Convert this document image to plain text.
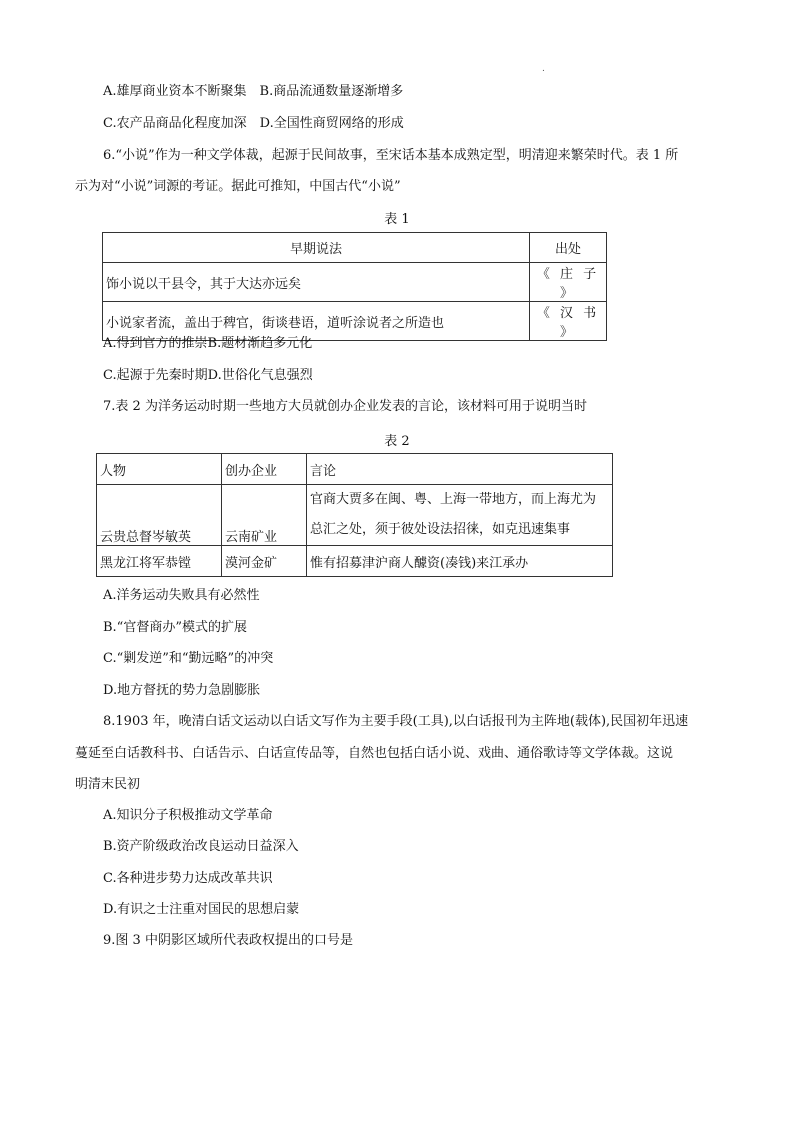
.
A.雄厚商业资本不断聚集　B.商品流通数量逐渐增多
C.农产品商品化程度加深　D.全国性商贸网络的形成
6.“小说”作为一种文学体裁，起源于民间故事，至宋话本基本成熟定型，明清迎来繁荣时代。表 1 所
示为对“小说”词源的考证。据此可推知，中国古代“小说”
表 1
早期说法	出处
饰小说以干县令，其于大达亦远矣	《 庄 子 》
小说家者流，盖出于稗官，街谈巷语，道听涂说者之所造也	《 汉 书 》
A.得到官方的推崇B.题材渐趋多元化
C.起源于先秦时期D.世俗化气息强烈
7.表 2 为洋务运动时期一些地方大员就创办企业发表的言论，该材料可用于说明当时
表 2
人物	创办企业	言论
云贵总督岑敏英	云南矿业	官商大贾多在闽、粤、上海一带地方，而上海尤为
总汇之处，须于彼处设法招徕，如克迅速集事

黑龙江将军恭镗	漠河金矿	惟有招募津沪商人醵资(凑钱)来江承办
A.洋务运动失败具有必然性
B.“官督商办”模式的扩展
C.“剿发逆”和“勤远略”的冲突
D.地方督抚的势力急剧膨胀
8.1903 年，晚清白话文运动以白话文写作为主要手段(工具),以白话报刊为主阵地(载体),民国初年迅速
蔓延至白话教科书、白话告示、白话宣传品等，自然也包括白话小说、戏曲、通俗歌诗等文学体裁。这说
明清末民初
A.知识分子积极推动文学革命
B.资产阶级政治改良运动日益深入
C.各种进步势力达成改革共识
D.有识之士注重对国民的思想启蒙
9.图 3 中阴影区域所代表政权提出的口号是
